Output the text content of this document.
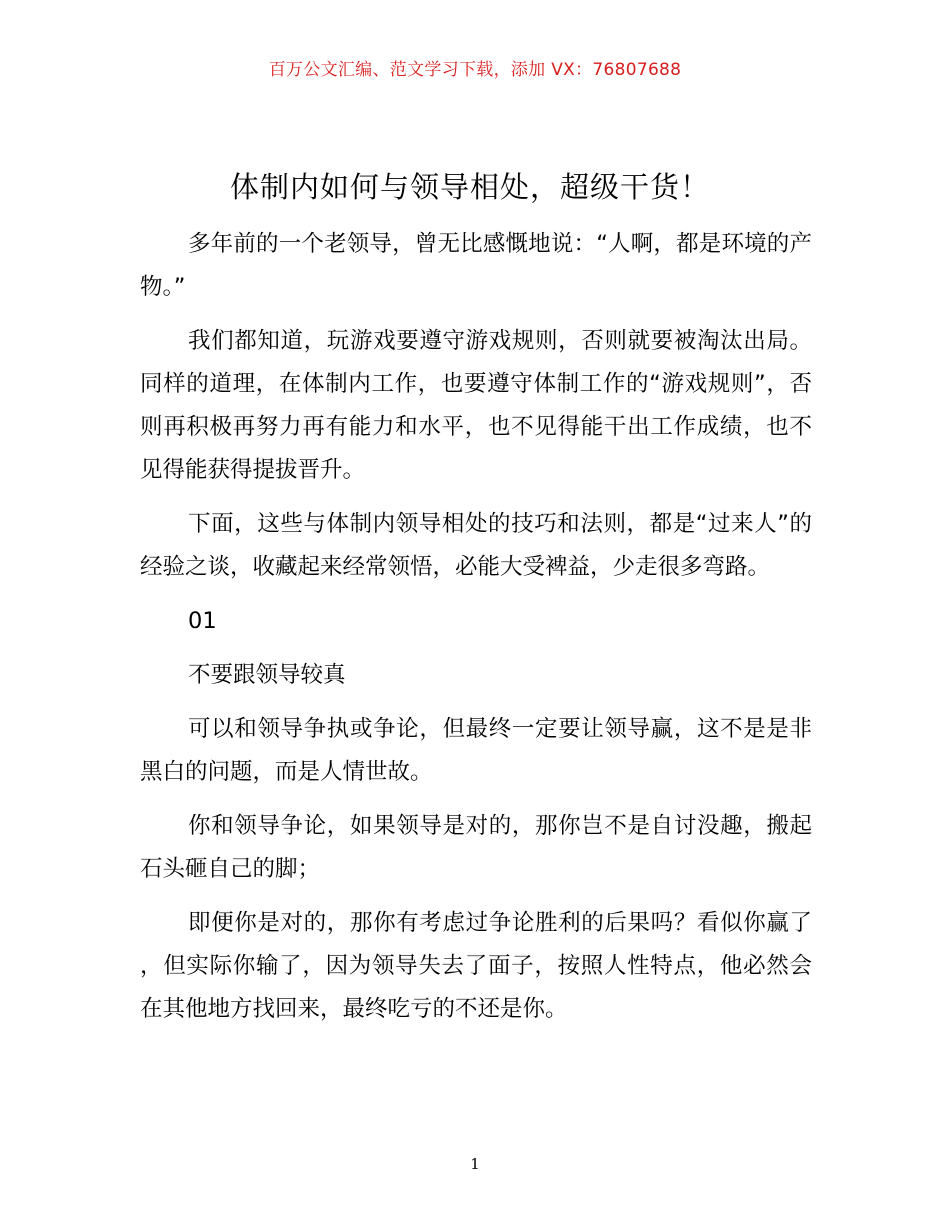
百万公文汇编、范文学习下载，添加 VX：76807688
体制内如何与领导相处，超级干货！

多年前的一个老领导，曾无比感慨地说：“人啊，都是环境的产物。”

我们都知道，玩游戏要遵守游戏规则，否则就要被淘汰出局。同样的道理，在体制内工作，也要遵守体制工作的“游戏规则”，否则再积极再努力再有能力和水平，也不见得能干出工作成绩，也不见得能获得提拔晋升。

下面，这些与体制内领导相处的技巧和法则，都是“过来人”的经验之谈，收藏起来经常领悟，必能大受裨益，少走很多弯路。

01

不要跟领导较真

可以和领导争执或争论，但最终一定要让领导赢，这不是是非黑白的问题，而是人情世故。

你和领导争论，如果领导是对的，那你岂不是自讨没趣，搬起石头砸自己的脚；

即便你是对的，那你有考虑过争论胜利的后果吗？看似你赢了，但实际你输了，因为领导失去了面子，按照人性特点，他必然会在其他地方找回来，最终吃亏的不还是你。

1
